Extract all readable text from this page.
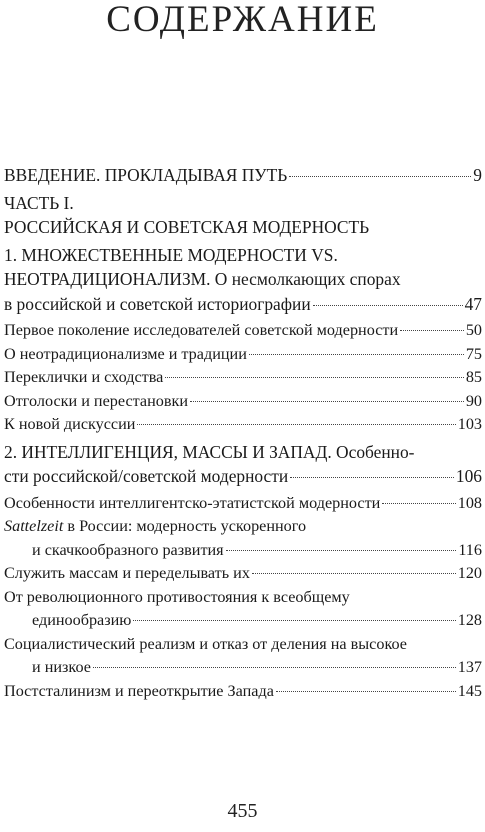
СОДЕРЖАНИЕ
ВВЕДЕНИЕ. ПРОКЛАДЫВАЯ ПУТЬ	9
ЧАСТЬ I.
РОССИЙСКАЯ И СОВЕТСКАЯ МОДЕРНОСТЬ
1. МНОЖЕСТВЕННЫЕ МОДЕРНОСТИ VS.
НЕОТРАДИЦИОНАЛИЗМ. О несмолкающих спорах
в российской и советской историографии	47
Первое поколение исследователей советской модерности	50
О неотрадиционализме и традиции	75
Переклички и сходства	85
Отголоски и перестановки	90
К новой дискуссии	103
2. ИНТЕЛЛИГЕНЦИЯ, МАССЫ И ЗАПАД. Особеннo-
сти российской/советской модерности	106
Особенности интеллигентско-этатистской модерности	108
Sattelzeit в России: модерность ускоренного
и скачкообразного развития	116
Служить массам и переделывать их	120
От революционного противостояния к всеобщему
единообразию	128
Социалистический реализм и отказ от деления на высокое
и низкое	137
Постсталинизм и переоткрытие Запада	145
455
